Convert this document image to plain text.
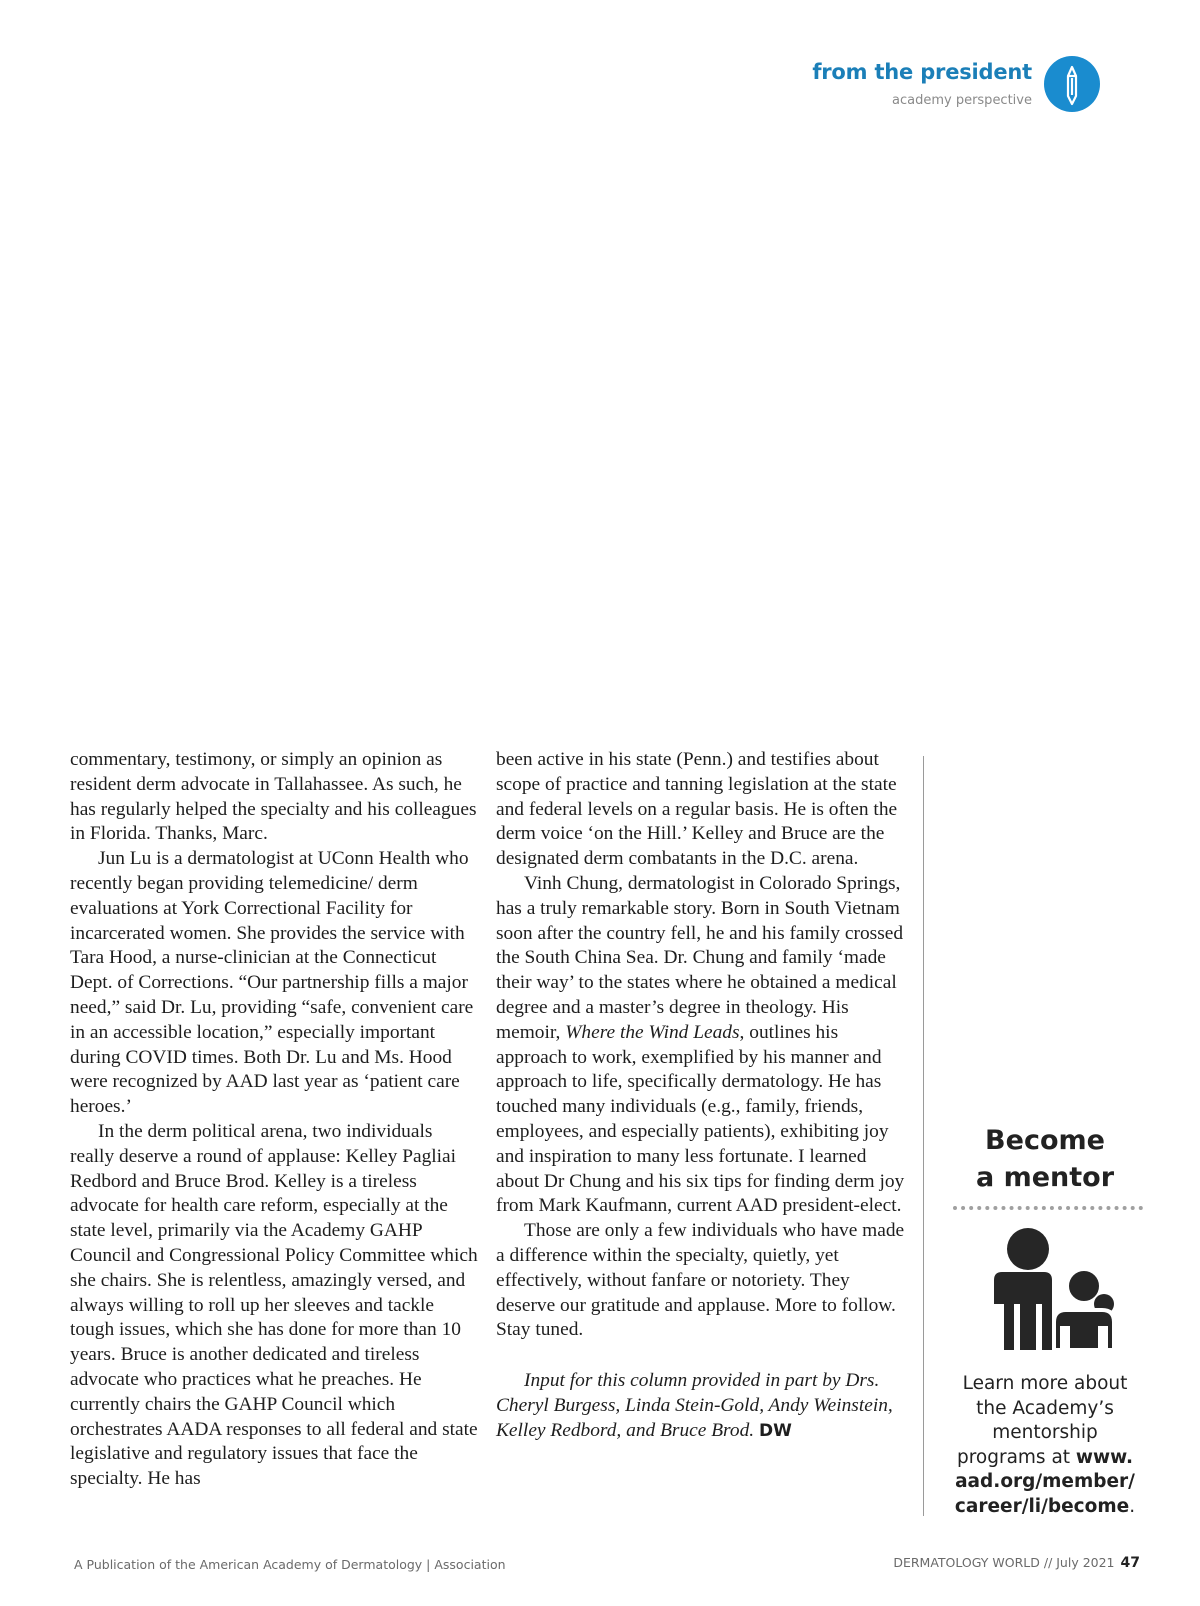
from the president
academy perspective

commentary, testimony, or simply an opinion as resident derm advocate in Tallahassee. As such, he has regularly helped the specialty and his colleagues in Florida. Thanks, Marc.

Jun Lu is a dermatologist at UConn Health who recently began providing telemedicine/ derm evaluations at York Correctional Facility for incarcerated women. She provides the service with Tara Hood, a nurse-clinician at the Connecticut Dept. of Corrections. “Our partnership fills a major need,” said Dr. Lu, providing “safe, convenient care in an accessible location,” especially important during COVID times. Both Dr. Lu and Ms. Hood were recognized by AAD last year as ‘patient care heroes.’

In the derm political arena, two individuals really deserve a round of applause: Kelley Pagliai Redbord and Bruce Brod. Kelley is a tireless advocate for health care reform, especially at the state level, primarily via the Academy GAHP Council and Congressional Policy Committee which she chairs. She is relentless, amazingly versed, and always willing to roll up her sleeves and tackle tough issues, which she has done for more than 10 years. Bruce is another dedicated and tireless advocate who practices what he preaches. He currently chairs the GAHP Council which orchestrates AADA responses to all federal and state legislative and regulatory issues that face the specialty. He has

been active in his state (Penn.) and testifies about scope of practice and tanning legislation at the state and federal levels on a regular basis. He is often the derm voice ‘on the Hill.’ Kelley and Bruce are the designated derm combatants in the D.C. arena.

Vinh Chung, dermatologist in Colorado Springs, has a truly remarkable story. Born in South Vietnam soon after the country fell, he and his family crossed the South China Sea. Dr. Chung and family ‘made their way’ to the states where he obtained a medical degree and a master’s degree in theology. His memoir, Where the Wind Leads, outlines his approach to work, exemplified by his manner and approach to life, specifically dermatology. He has touched many individuals (e.g., family, friends, employees, and especially patients), exhibiting joy and inspiration to many less fortunate. I learned about Dr Chung and his six tips for finding derm joy from Mark Kaufmann, current AAD president-elect.

Those are only a few individuals who have made a difference within the specialty, quietly, yet effectively, without fanfare or notoriety. They deserve our gratitude and applause. More to follow. Stay tuned.

Input for this column provided in part by Drs. Cheryl Burgess, Linda Stein-Gold, Andy Weinstein, Kelley Redbord, and Bruce Brod. DW

Become
a mentor
Learn more about the Academy’s mentorship programs at www. aad.org/member/ career/li/become.
A Publication of the American Academy of Dermatology | Association	DERMATOLOGY WORLD // July 2021 47
